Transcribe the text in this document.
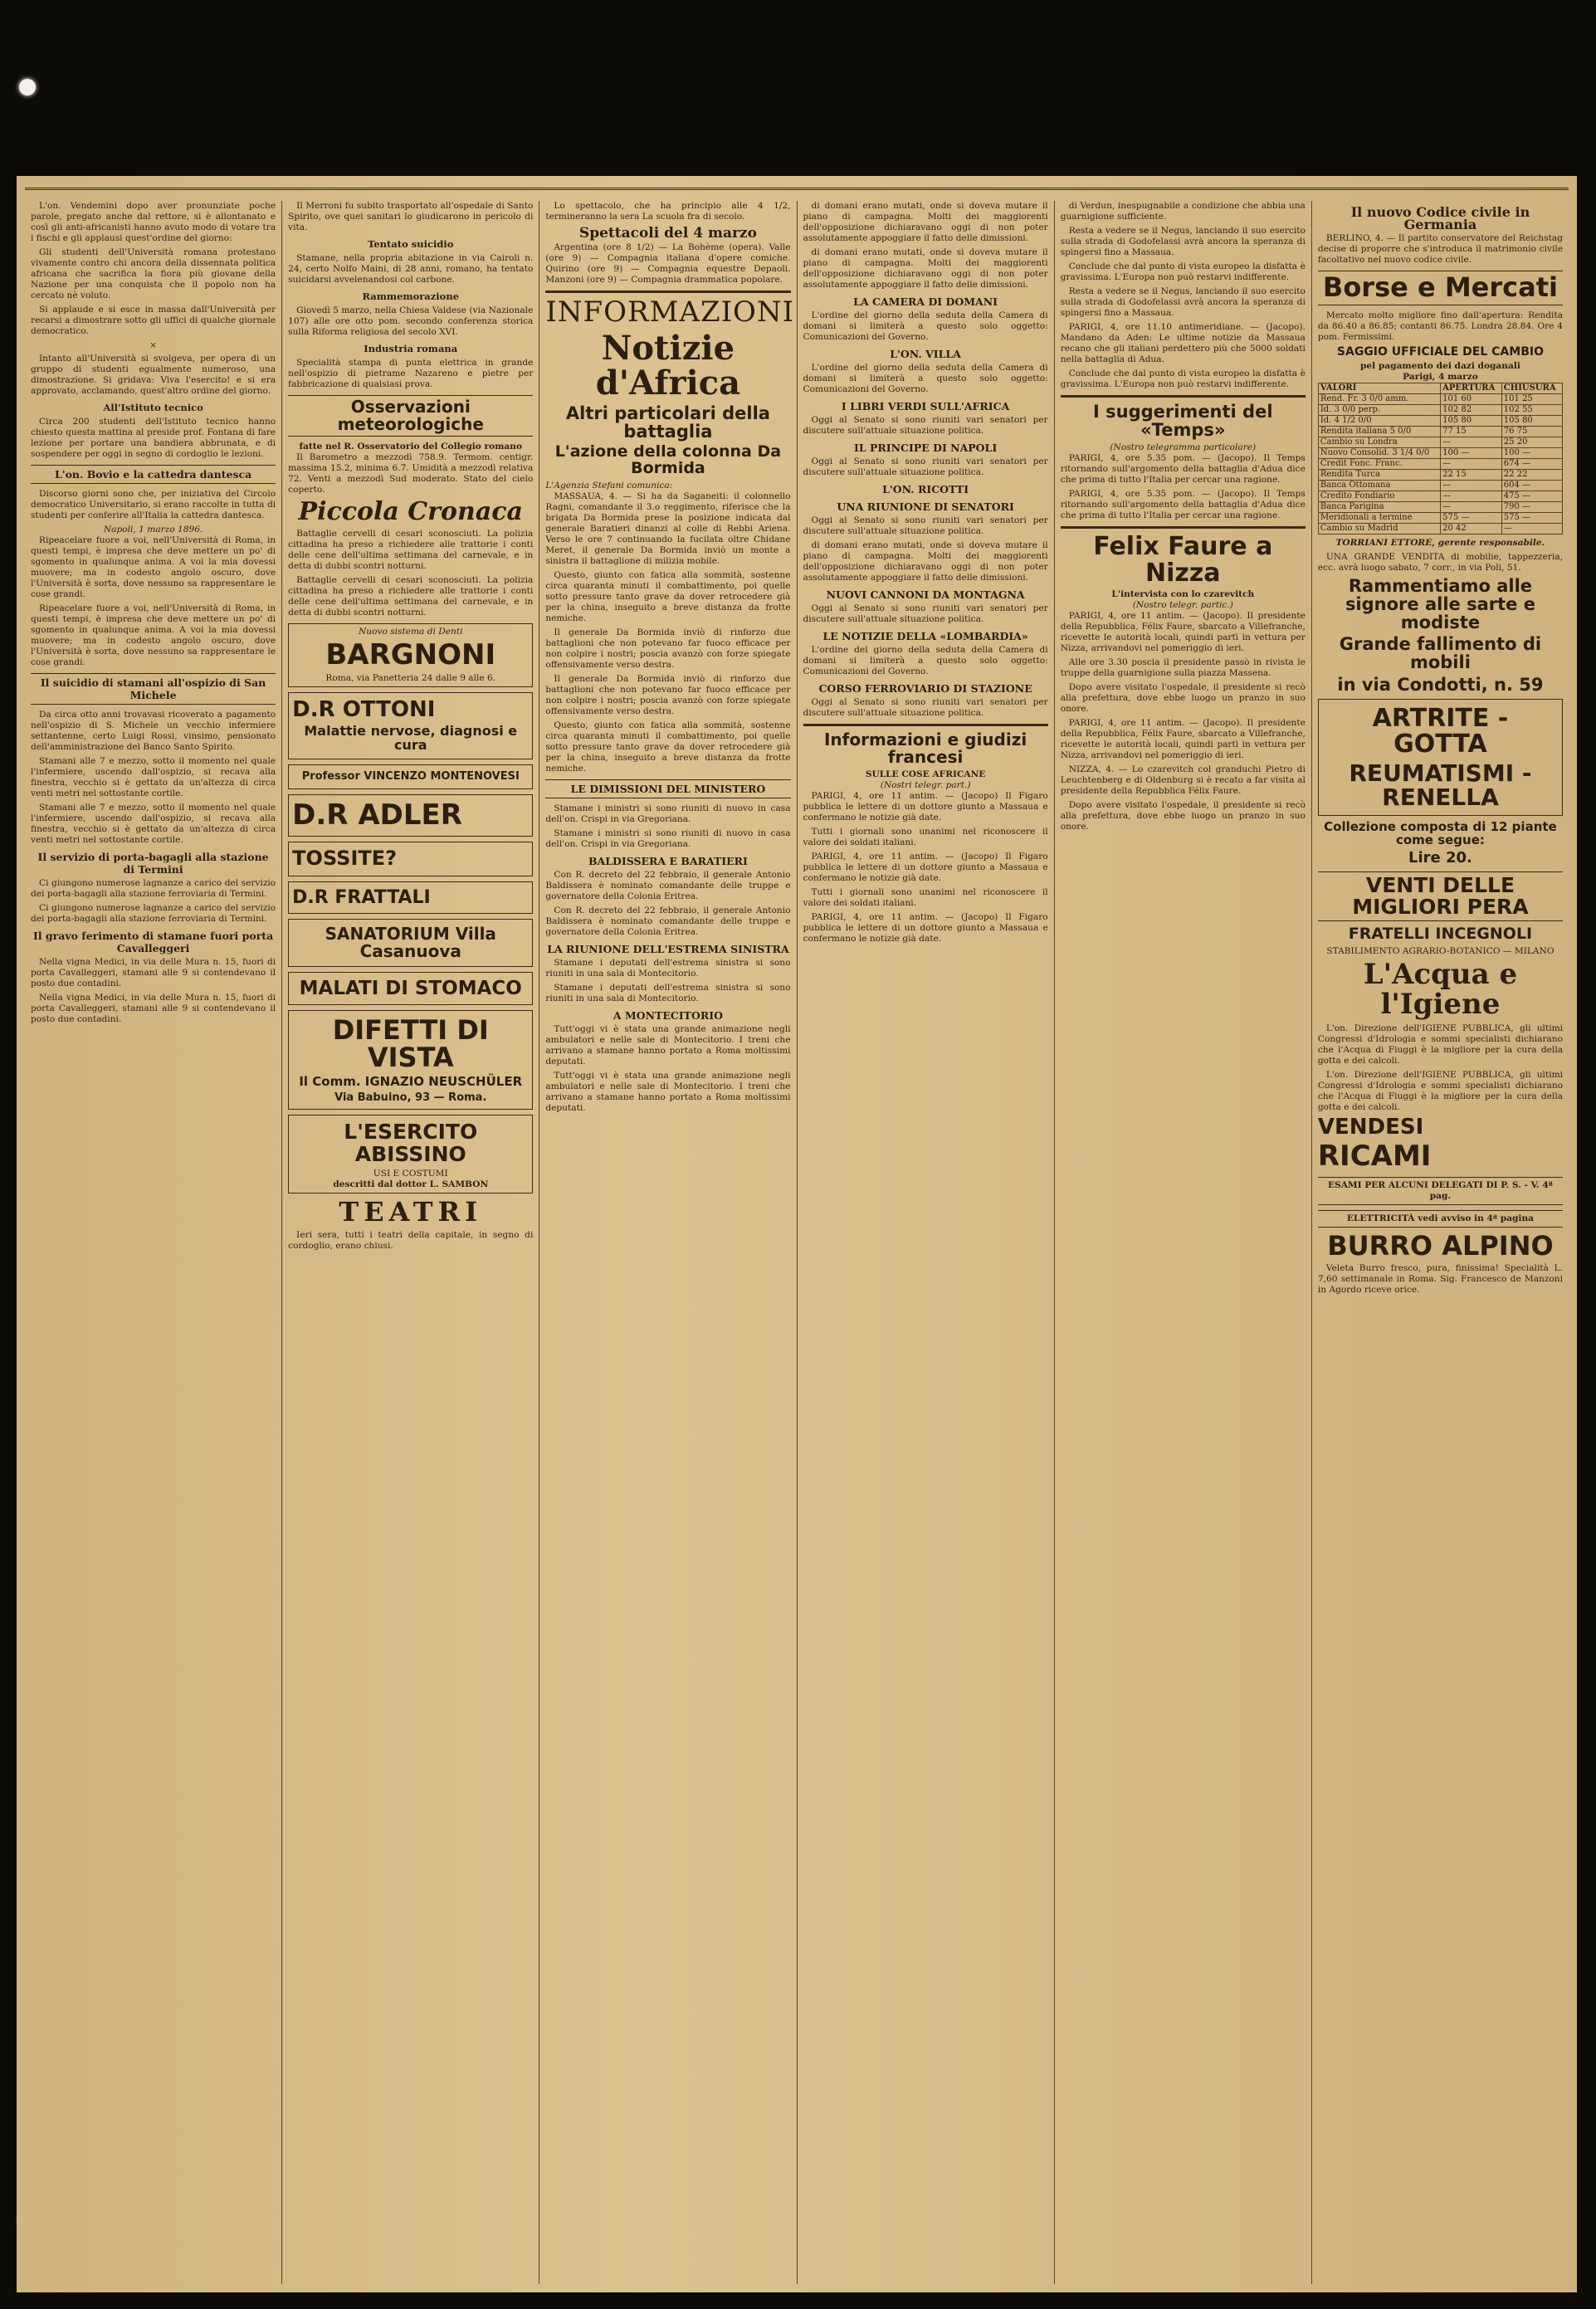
L'on. Vendemini dopo aver pronunziate poche parole, pregato anche dal rettore, si è allontanato e così gli anti-africanisti hanno avuto modo di votare tra i fischi e gli applausi quest'ordine del giorno:

Gli studenti dell'Università romana protestano vivamente contro chi ancora della dissennata politica africana che sacrifica la fiora più giovane della Nazione per una conquista che il popolo non ha cercato nè voluto.

Si applaude e si esce in massa dall'Università per recarsi a dimostrare sotto gli uffici di qualche giornale democratico.

×

Intanto all'Università si svolgeva, per opera di un gruppo di studenti egualmente numeroso, una dimostrazione. Si gridava: Viva l'esercito! e si era approvato, acclamando, quest'altro ordine del giorno.

All'Istituto tecnico

Circa 200 studenti dell'Istituto tecnico hanno chiesto questa mattina al preside prof. Fontana di fare lezione per portare una bandiera abbrunata, e di sospendere per oggi in segno di cordoglio le lezioni.

L'on. Bovio e la cattedra dantesca

Discorso giorni sono che, per iniziativa del Circolo democratico Universitario, si erano raccolte in tutta di studenti per conferire all'Italia la cattedra dantesca.

Napoli, 1 marzo 1896.

Ripeacelare fuore a voi, nell'Università di Roma, in questi tempi, è impresa che deve mettere un po' di sgomento in qualunque anima. A voi la mia dovessi muovere; ma in codesto angolo oscuro, dove l'Università è sorta, dove nessuno sa rappresentare le cose grandi.

Ripeacelare fuore a voi, nell'Università di Roma, in questi tempi, è impresa che deve mettere un po' di sgomento in qualunque anima. A voi la mia dovessi muovere; ma in codesto angolo oscuro, dove l'Università è sorta, dove nessuno sa rappresentare le cose grandi.

Il suicidio di stamani all'ospizio di San Michele

Da circa otto anni trovavasi ricoverato a pagamento nell'ospizio di S. Michele un vecchio infermiere settantenne, certo Luigi Rossi, vinsimo, pensionato dell'amministrazione del Banco Santo Spirito.

Stamani alle 7 e mezzo, sotto il momento nel quale l'infermiere, uscendo dall'ospizio, si recava alla finestra, vecchio si è gettato da un'altezza di circa venti metri nel sottostante cortile.

Stamani alle 7 e mezzo, sotto il momento nel quale l'infermiere, uscendo dall'ospizio, si recava alla finestra, vecchio si è gettato da un'altezza di circa venti metri nel sottostante cortile.

Il servizio di porta-bagagli alla stazione di Termini

Ci giungono numerose lagnanze a carico del servizio dei porta-bagagli alla stazione ferroviaria di Termini.

Ci giungono numerose lagnanze a carico del servizio dei porta-bagagli alla stazione ferroviaria di Termini.

Il gravo ferimento di stamane fuori porta Cavalleggeri

Nella vigna Medici, in via delle Mura n. 15, fuori di porta Cavalleggeri, stamani alle 9 si contendevano il posto due contadini.

Nella vigna Medici, in via delle Mura n. 15, fuori di porta Cavalleggeri, stamani alle 9 si contendevano il posto due contadini.

Il Merroni fu subito trasportato all'ospedale di Santo Spirito, ove quei sanitari lo giudicarono in pericolo di vita.

Tentato suicidio

Stamane, nella propria abitazione in via Cairoli n. 24, certo Nolfo Maini, di 28 anni, romano, ha tentato suicidarsi avvelenandosi col carbone.

Rammemorazione

Giovedì 5 marzo, nella Chiesa Valdese (via Nazionale 107) alle ore otto pom. secondo conferenza storica sulla Riforma religiosa del secolo XVI.

Industria romana

Specialità stampa di punta elettrica in grande nell'ospizio di pietrame Nazareno e pietre per fabbricazione di qualsiasi prova.

Osservazioni meteorologiche
fatte nel R. Osservatorio del Collegio romano

Il Barometro a mezzodì 758.9. Termom. centigr. massima 15.2, minima 6.7. Umidità a mezzodì relativa 72. Venti a mezzodì Sud moderato. Stato del cielo coperto.

Piccola Cronaca

Battaglie cervelli di cesari sconosciuti. La polizia cittadina ha preso a richiedere alle trattorie i conti delle cene dell'ultima settimana del carnevale, e in detta di dubbi scontri notturni.

Battaglie cervelli di cesari sconosciuti. La polizia cittadina ha preso a richiedere alle trattorie i conti delle cene dell'ultima settimana del carnevale, e in detta di dubbi scontri notturni.

Nuovo sistema di Denti
BARGNONI
Roma, via Panetteria 24 dalle 9 alle 6.
D.R OTTONI
Malattie nervose, diagnosi e cura
Professor VINCENZO MONTENOVESI
D.R ADLER
TOSSITE?
D.R FRATTALI
SANATORIUM Villa Casanuova
MALATI DI STOMACO
DIFETTI DI VISTA
Il Comm. IGNAZIO NEUSCHÜLER
Via Babuino, 93 — Roma.
L'ESERCITO ABISSINO
USI E COSTUMI
descritti dal dottor L. SAMBON
TEATRI

Ieri sera, tutti i teatri della capitale, in segno di cordoglio, erano chiusi.

Lo spettacolo, che ha principio alle 4 1/2, termineranno la sera La scuola fra di secolo.

Spettacoli del 4 marzo

Argentina (ore 8 1/2) — La Bohème (opera). Valle (ore 9) — Compagnia italiana d'opere comiche. Quirino (ore 9) — Compagnia equestre Depaoli. Manzoni (ore 9) — Compagnia drammatica popolare.

INFORMAZIONI
Notizie d'Africa
Altri particolari della battaglia
L'azione della colonna Da Bormida
L'Agenzia Stefani comunica:

MASSAUA, 4. — Si ha da Saganeiti: il colonnello Ragni, comandante il 3.o reggimento, riferisce che la brigata Da Bormida prese la posizione indicata dal generale Baratieri dinanzi al colle di Rebbi Ariena. Verso le ore 7 continuando la fucilata oltre Chidane Meret, il generale Da Bormida inviò un monte a sinistra il battaglione di milizia mobile.

Questo, giunto con fatica alla sommità, sostenne circa quaranta minuti il combattimento, poi quelle sotto pressure tanto grave da dover retrocedere già per la china, inseguito a breve distanza da frotte nemiche.

Il generale Da Bormida inviò di rinforzo due battaglioni che non potevano far fuoco efficace per non colpire i nostri; poscia avanzò con forze spiegate offensivamente verso destra.

Il generale Da Bormida inviò di rinforzo due battaglioni che non potevano far fuoco efficace per non colpire i nostri; poscia avanzò con forze spiegate offensivamente verso destra.

Questo, giunto con fatica alla sommità, sostenne circa quaranta minuti il combattimento, poi quelle sotto pressure tanto grave da dover retrocedere già per la china, inseguito a breve distanza da frotte nemiche.

LE DIMISSIONI DEL MINISTERO

Stamane i ministri si sono riuniti di nuovo in casa dell'on. Crispi in via Gregoriana.

Stamane i ministri si sono riuniti di nuovo in casa dell'on. Crispi in via Gregoriana.

BALDISSERA E BARATIERI

Con R. decreto del 22 febbraio, il generale Antonio Baldissera è nominato comandante delle truppe e governatore della Colonia Eritrea.

Con R. decreto del 22 febbraio, il generale Antonio Baldissera è nominato comandante delle truppe e governatore della Colonia Eritrea.

LA RIUNIONE DELL'ESTREMA SINISTRA

Stamane i deputati dell'estrema sinistra si sono riuniti in una sala di Montecitorio.

Stamane i deputati dell'estrema sinistra si sono riuniti in una sala di Montecitorio.

A MONTECITORIO

Tutt'oggi vi è stata una grande animazione negli ambulatori e nelle sale di Montecitorio. I treni che arrivano a stamane hanno portato a Roma moltissimi deputati.

Tutt'oggi vi è stata una grande animazione negli ambulatori e nelle sale di Montecitorio. I treni che arrivano a stamane hanno portato a Roma moltissimi deputati.

di domani erano mutati, onde si doveva mutare il piano di campagna. Molti dei maggiorenti dell'opposizione dichiaravano oggi di non poter assolutamente appoggiare il fatto delle dimissioni.

di domani erano mutati, onde si doveva mutare il piano di campagna. Molti dei maggiorenti dell'opposizione dichiaravano oggi di non poter assolutamente appoggiare il fatto delle dimissioni.

LA CAMERA DI DOMANI

L'ordine del giorno della seduta della Camera di domani si limiterà a questo solo oggetto: Comunicazioni del Governo.

L'ON. VILLA

L'ordine del giorno della seduta della Camera di domani si limiterà a questo solo oggetto: Comunicazioni del Governo.

I LIBRI VERDI SULL'AFRICA

Oggi al Senato si sono riuniti vari senatori per discutere sull'attuale situazione politica.

IL PRINCIPE DI NAPOLI

Oggi al Senato si sono riuniti vari senatori per discutere sull'attuale situazione politica.

L'ON. RICOTTI
UNA RIUNIONE DI SENATORI

Oggi al Senato si sono riuniti vari senatori per discutere sull'attuale situazione politica.

di domani erano mutati, onde si doveva mutare il piano di campagna. Molti dei maggiorenti dell'opposizione dichiaravano oggi di non poter assolutamente appoggiare il fatto delle dimissioni.

NUOVI CANNONI DA MONTAGNA

Oggi al Senato si sono riuniti vari senatori per discutere sull'attuale situazione politica.

LE NOTIZIE DELLA «LOMBARDIA»

L'ordine del giorno della seduta della Camera di domani si limiterà a questo solo oggetto: Comunicazioni del Governo.

CORSO FERROVIARIO DI STAZIONE

Oggi al Senato si sono riuniti vari senatori per discutere sull'attuale situazione politica.

Informazioni e giudizi francesi
SULLE COSE AFRICANE
(Nostri telegr. part.)

PARIGI, 4, ore 11 antim. — (Jacopo) Il Figaro pubblica le lettere di un dottore giunto a Massaua e confermano le notizie già date.

Tutti i giornali sono unanimi nel riconoscere il valore dei soldati italiani.

PARIGI, 4, ore 11 antim. — (Jacopo) Il Figaro pubblica le lettere di un dottore giunto a Massaua e confermano le notizie già date.

Tutti i giornali sono unanimi nel riconoscere il valore dei soldati italiani.

PARIGI, 4, ore 11 antim. — (Jacopo) Il Figaro pubblica le lettere di un dottore giunto a Massaua e confermano le notizie già date.

di Verdun, inespugnabile a condizione che abbia una guarnigione sufficiente.

Resta a vedere se il Negus, lanciando il suo esercito sulla strada di Godofelassi avrà ancora la speranza di spingersi fino a Massaua.

Conclude che dal punto di vista europeo la disfatta è gravissima. L'Europa non può restarvi indifferente.

Resta a vedere se il Negus, lanciando il suo esercito sulla strada di Godofelassi avrà ancora la speranza di spingersi fino a Massaua.

PARIGI, 4, ore 11.10 antimeridiane. — (Jacopo). Mandano da Aden: Le ultime notizie da Massaua recano che gli italiani perdettero più che 5000 soldati nella battaglia di Adua.

Conclude che dal punto di vista europeo la disfatta è gravissima. L'Europa non può restarvi indifferente.

I suggerimenti del «Temps»
(Nostro telegramma particolare)

PARIGI, 4, ore 5.35 pom. — (Jacopo). Il Temps ritornando sull'argomento della battaglia d'Adua dice che prima di tutto l'Italia per cercar una ragione.

PARIGI, 4, ore 5.35 pom. — (Jacopo). Il Temps ritornando sull'argomento della battaglia d'Adua dice che prima di tutto l'Italia per cercar una ragione.

Felix Faure a Nizza
L'intervista con lo czarevitch
(Nostro telegr. partic.)

PARIGI, 4, ore 11 antim. — (Jacopo). Il presidente della Repubblica, Félix Faure, sbarcato a Villefranche, ricevette le autorità locali, quindi partì in vettura per Nizza, arrivandovi nel pomeriggio di ieri.

Alle ore 3.30 poscia il presidente passò in rivista le truppe della guarnigione sulla piazza Massena.

Dopo avere visitato l'ospedale, il presidente si recò alla prefettura, dove ebbe luogo un pranzo in suo onore.

PARIGI, 4, ore 11 antim. — (Jacopo). Il presidente della Repubblica, Félix Faure, sbarcato a Villefranche, ricevette le autorità locali, quindi partì in vettura per Nizza, arrivandovi nel pomeriggio di ieri.

NIZZA, 4. — Lo czarevitch col granduchi Pietro di Leuchtenberg e di Oldenburg si è recato a far visita al presidente della Repubblica Félix Faure.

Dopo avere visitato l'ospedale, il presidente si recò alla prefettura, dove ebbe luogo un pranzo in suo onore.

Il nuovo Codice civile in Germania

BERLINO, 4. — Il partito conservatore del Reichstag decise di proporre che s'introduca il matrimonio civile facoltativo nel nuovo codice civile.

Borse e Mercati

Mercato molto migliore fino dall'apertura: Rendita da 86.40 a 86.85; contanti 86.75. Londra 28.84. Ore 4 pom. Fermissimi.

SAGGIO UFFICIALE DEL CAMBIO
pel pagamento dei dazi doganali
Parigi, 4 marzo
VALORI	APERTURA	CHIUSURA
Rend. Fr. 3 0/0 amm.	101 60	101 25
Id. 3 0/0 perp.	102 82	102 55
Id. 4 1/2 0/0	105 80	105 80
Rendita italiana 5 0/0	77 15	76 75
Cambio su Londra	—	25 20
Nuovo Consolid. 3 1/4 0/0	100 —	100 —
Credit Fonc. Franc.	—	674 —
Rendita Turca	22 15	22 22
Banca Ottomana	—	604 —
Credito Fondiario	—	475 —
Banca Parigina	—	790 —
Meridionali a termine	575 —	575 —
Cambio su Madrid	20 42	—
TORRIANI ETTORE, gerente responsabile.

UNA GRANDE VENDITA di mobilie, tappezzeria, ecc. avrà luogo sabato, 7 corr., in via Poli, 51.

Rammentiamo alle signore alle sarte e modiste
Grande fallimento di mobili
in via Condotti, n. 59
ARTRITE - GOTTA
REUMATISMI - RENELLA
Collezione composta di 12 piante come segue:
Lire 20.
VENTI DELLE MIGLIORI PERA
FRATELLI INCEGNOLI
STABILIMENTO AGRARIO-BOTANICO — MILANO
L'Acqua e l'Igiene

L'on. Direzione dell'IGIENE PUBBLICA, gli ultimi Congressi d'Idrologia e sommi specialisti dichiarano che l'Acqua di Fiuggi è la migliore per la cura della gotta e dei calcoli.

L'on. Direzione dell'IGIENE PUBBLICA, gli ultimi Congressi d'Idrologia e sommi specialisti dichiarano che l'Acqua di Fiuggi è la migliore per la cura della gotta e dei calcoli.

VENDESI
RICAMI
ESAMI PER ALCUNI DELEGATI DI P. S. - V. 4ª pag.
ELETTRICITÀ vedi avviso in 4ª pagina
BURRO ALPINO

Veleta Burro fresco, pura, finissima! Specialità L. 7,60 settimanale in Roma. Sig. Francesco de Manzoni in Agordo riceve orice.
